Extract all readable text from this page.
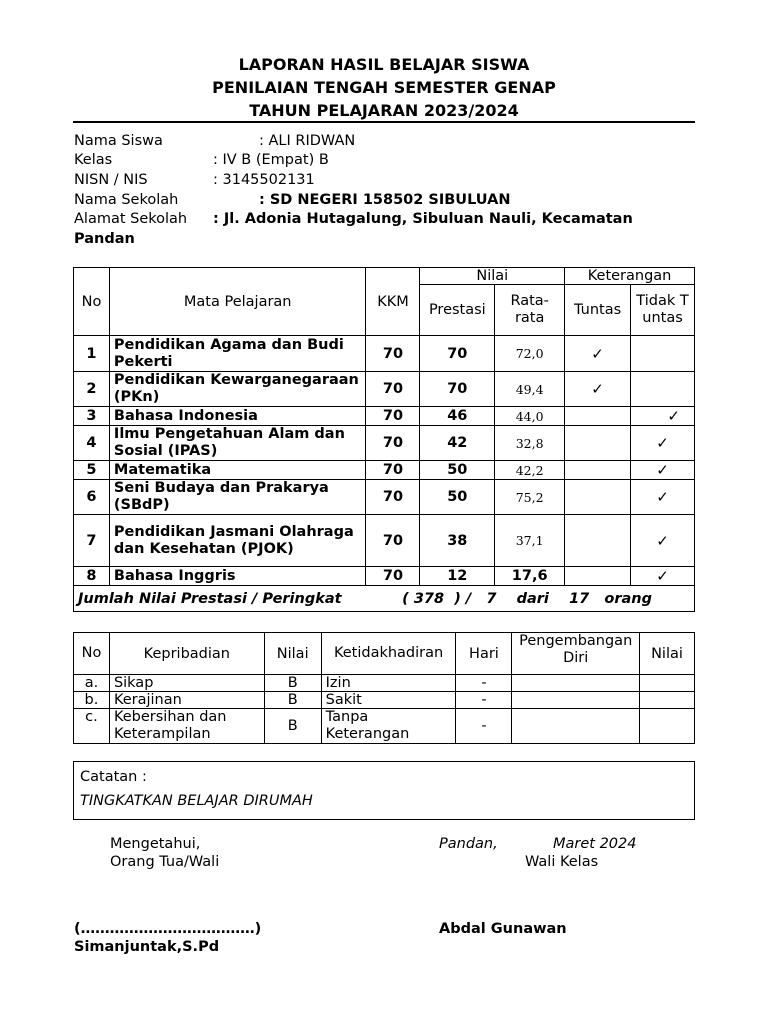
LAPORAN HASIL BELAJAR SISWA
PENILAIAN TENGAH SEMESTER GENAP
TAHUN PELAJARAN 2023/2024
Nama Siswa	: ALI RIDWAN
Kelas	: IV B (Empat) B
NISN / NIS	: 3145502131
Nama Sekolah	: SD NEGERI 158502 SIBULUAN
Alamat Sekolah : Jl. Adonia Hutagalung, Sibuluan Nauli, Kecamatan
Pandan
No	Mata Pelajaran	KKM	Nilai		Keterangan	
			Prestasi	Rata-rata	Tuntas	Tidak Tuntas
1	Pendidikan Agama dan Budi Pekerti	70	70	72,0	✓	
2	Pendidikan Kewarganegaraan (PKn)	70	70	49,4	✓	
3	Bahasa Indonesia	70	46	44,0		✓
4	Ilmu Pengetahuan Alam dan Sosial (IPAS)	70	42	32,8		✓
5	Matematika	70	50	42,2		✓
6	Seni Budaya dan Prakarya (SBdP)	70	50	75,2		✓
7	Pendidikan Jasmani Olahraga dan Kesehatan (PJOK)	70	38	37,1		✓
8	Bahasa Inggris	70	12	17,6		✓
Jumlah Nilai Prestasi / Peringkat            ( 378  ) /   7    dari    17   orang						
No	Kepribadian	Nilai	Ketidakhadiran	Hari	Pengembangan Diri	Nilai
a.	Sikap	B	Izin	-		
b.	Kerajinan	B	Sakit	-		
c.	Kebersihan dan Keterampilan	B	Tanpa Keterangan	-		
Catatan :
TINGKATKAN BELAJAR DIRUMAH
Mengetahui,
Orang Tua/Wali
Pandan,	Maret 2024
Wali Kelas
(………………………………)	Abdal Gunawan
Simanjuntak,S.Pd
